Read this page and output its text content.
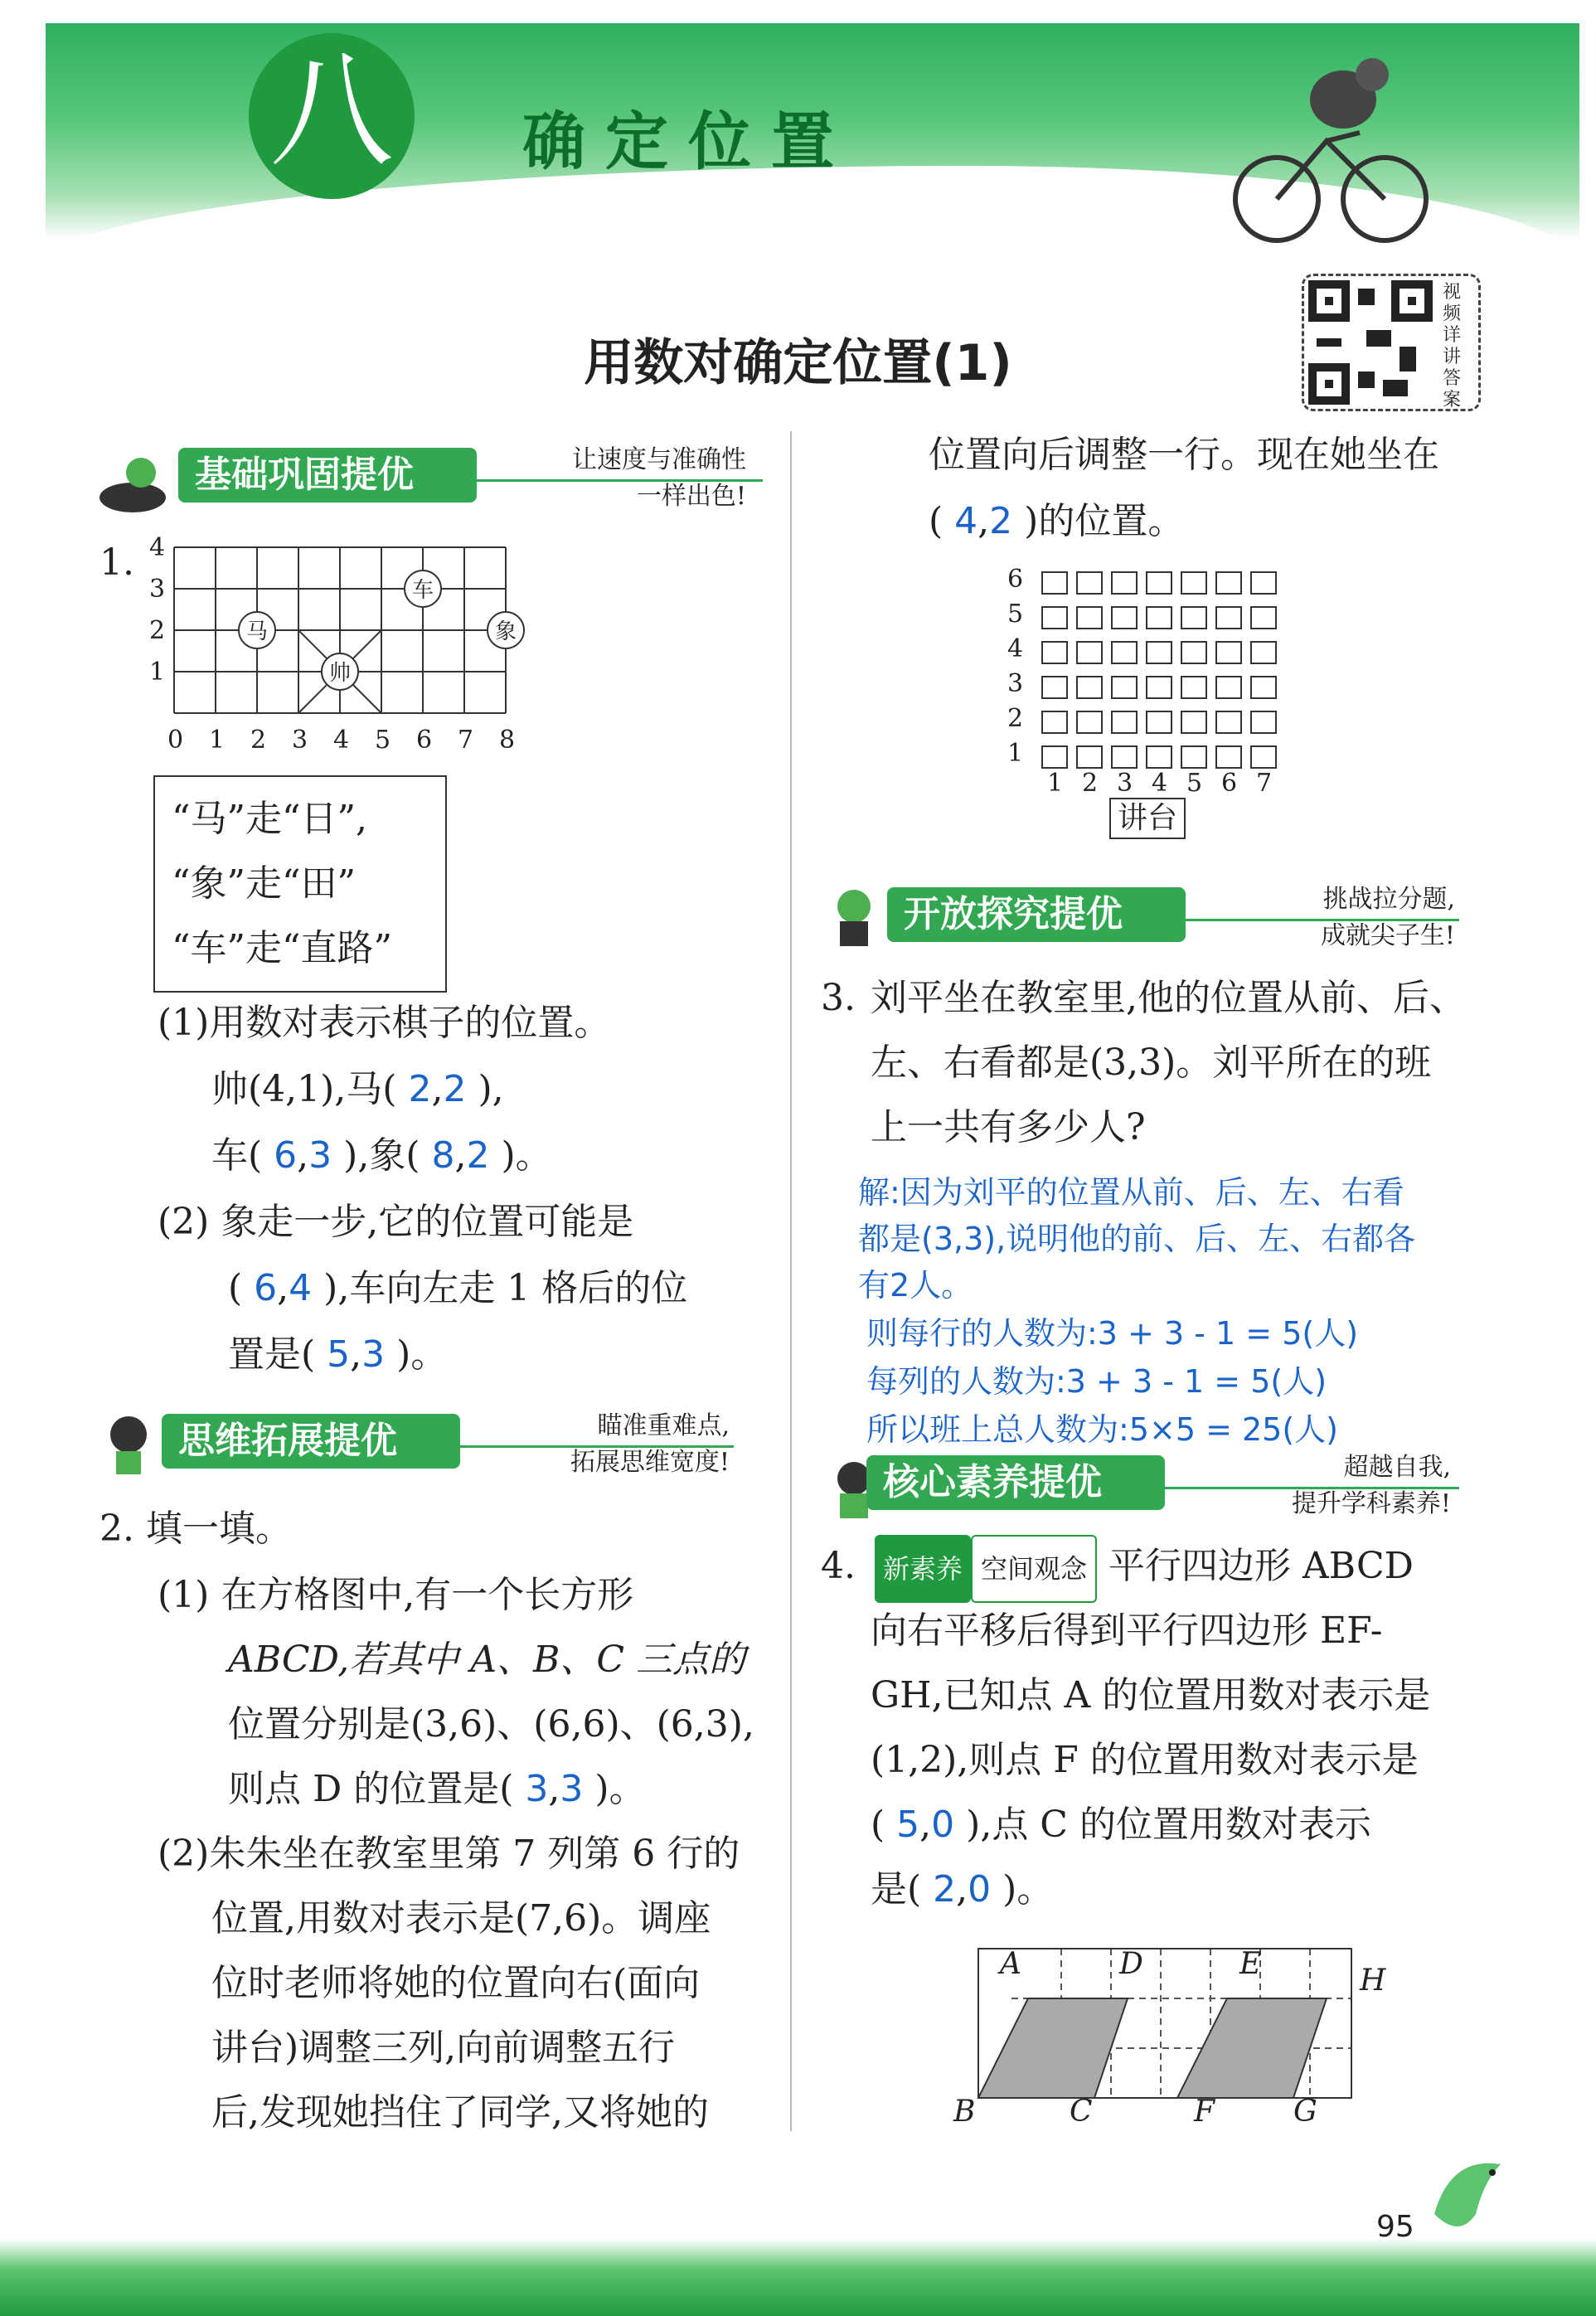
八	确定位置
用数对确定位置(1)
视频详讲答案
基础巩固提优	让速度与准确性
一样出色!
1. 4
3
2
1
0 1 2 3 4 5 6 7 8
马
车
象
帅
“马”走“日”,
“象”走“田”
“车”走“直路”
(1)用数对表示棋子的位置。
帅(4,1),马( 2,2 ),
车( 6,3 ),象( 8,2 )。
(2) 象走一步,它的位置可能是
( 6,4 ),车向左走 1 格后的位
置是( 5,3 )。
思维拓展提优	瞄准重难点,
拓展思维宽度!
2. 填一填。
(1) 在方格图中,有一个长方形
ABCD,若其中 A、B、C 三点的
位置分别是(3,6)、(6,6)、(6,3),
则点 D 的位置是( 3,3 )。
(2)朱朱坐在教室里第 7 列第 6 行的
位置,用数对表示是(7,6)。调座
位时老师将她的位置向右(面向
讲台)调整三列,向前调整五行
后,发现她挡住了同学,又将她的
位置向后调整一行。现在她坐在
( 4,2 )的位置。
6
5
4
3
2
1
1 2 3 4 5 6 7
讲台
开放探究提优	挑战拉分题,
成就尖子生!
3. 刘平坐在教室里,他的位置从前、后、
左、右看都是(3,3)。刘平所在的班
上一共有多少人?
解:因为刘平的位置从前、后、左、右看
都是(3,3),说明他的前、后、左、右都各
有2人。
则每行的人数为:3 + 3 - 1 = 5(人)
每列的人数为:3 + 3 - 1 = 5(人)
所以班上总人数为:5×5 = 25(人)
核心素养提优	超越自我,
提升学科素养!
4.	新素养 空间观念 平行四边形 ABCD
向右平移后得到平行四边形 EF-
GH,已知点 A 的位置用数对表示是
(1,2),则点 F 的位置用数对表示是
( 5,0 ),点 C 的位置用数对表示
是( 2,0 )。
A	D	E	H
B	C	F	G
95
